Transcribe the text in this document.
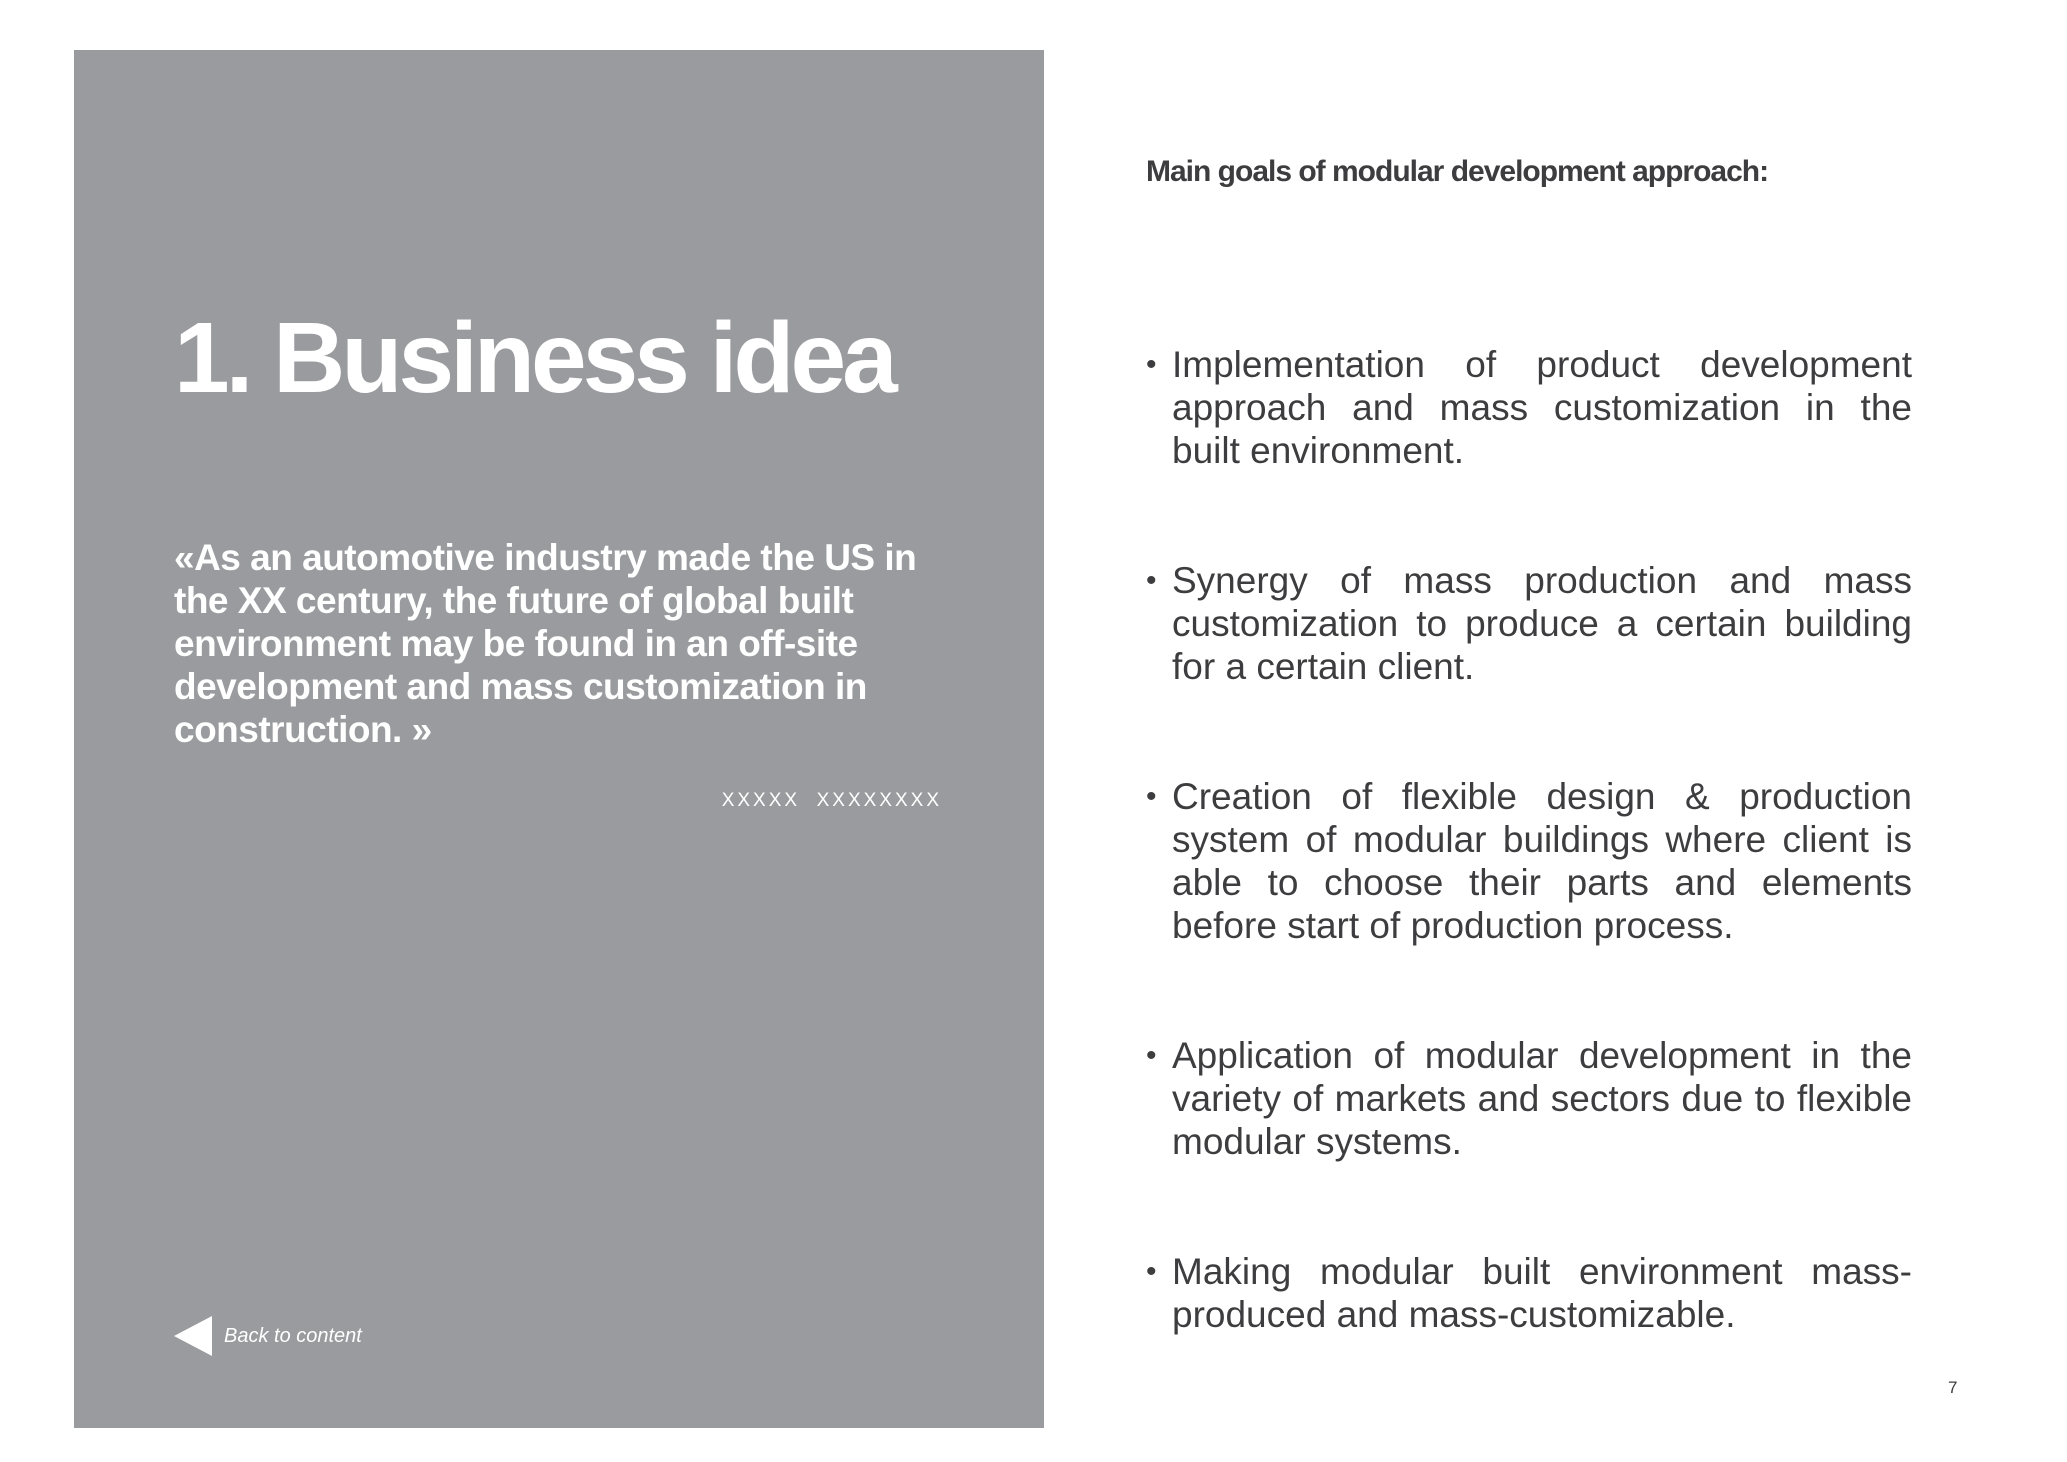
1. Business idea

«As an automotive industry made the US in the XX century, the future of global built environment may be found in an off-site development and mass customization in construction. »

XXXXX  XXXXXXXX
Back to content
Main goals of modular development approach:
• Implementation of product development approach and mass customization in the built environment.
• Synergy of mass production and mass customization to produce a certain building for a certain client.
• Creation of flexible design & production system of modular buildings where client is able to choose their parts and elements before start of production process.
• Application of modular development in the variety of markets and sectors due to flexible modular systems.
• Making modular built environment mass-produced and mass-customizable.
7
